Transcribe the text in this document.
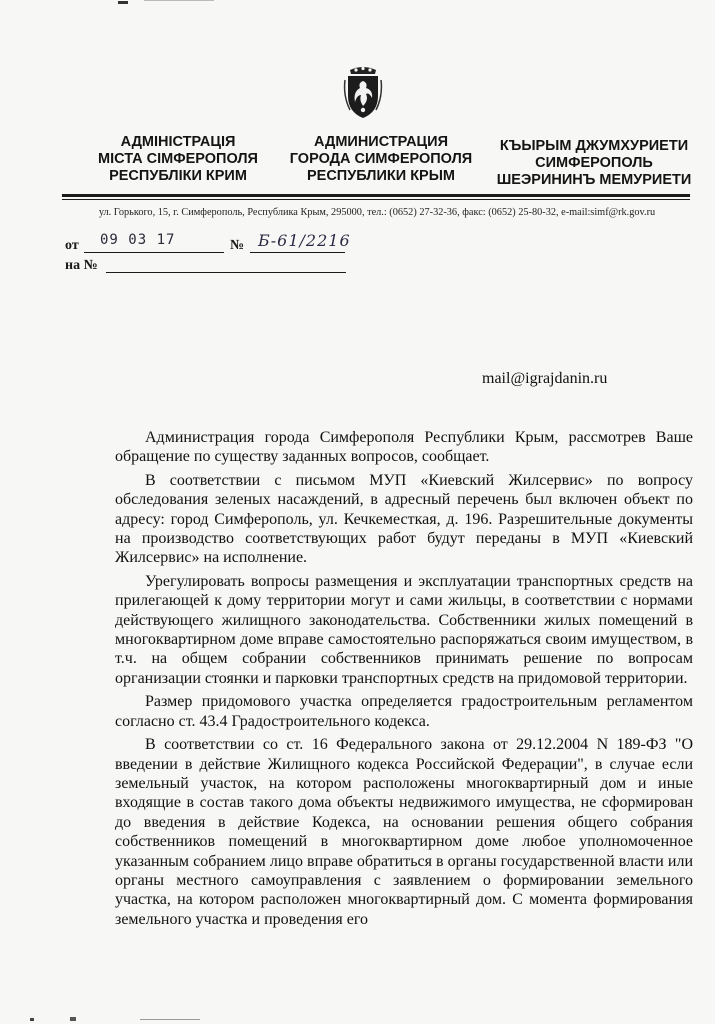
АДМІНІСТРАЦІЯ
МІСТА СІМФЕРОПОЛЯ
РЕСПУБЛІКИ КРИМ
АДМИНИСТРАЦИЯ
ГОРОДА СИМФЕРОПОЛЯ
РЕСПУБЛИКИ КРЫМ
КЪЫРЫМ ДЖУМХУРИЕТИ
СИМФЕРОПОЛЬ
ШЕЭРИНИНЪ МЕМУРИЕТИ
ул. Горького, 15, г. Симферополь, Республика Крым, 295000, тел.: (0652) 27-32-36, факс: (0652) 25-80-32, e-mail:simf@rk.gov.ru
от 09 03 17	№ Б-61/2216
на №
mail@igrajdanin.ru

Администрация города Симферополя Республики Крым, рассмотрев Ваше обращение по существу заданных вопросов, сообщает.

В соответствии с письмом МУП «Киевский Жилсервис» по вопросу обследования зеленых насаждений, в адресный перечень был включен объект по адресу: город Симферополь, ул. Кечкеместкая, д. 196. Разрешительные документы на производство соответствующих работ будут переданы в МУП «Киевский Жилсервис» на исполнение.

Урегулировать вопросы размещения и эксплуатации транспортных средств на прилегающей к дому территории могут и сами жильцы, в соответствии с нормами действующего жилищного законодательства. Собственники жилых помещений в многоквартирном доме вправе самостоятельно распоряжаться своим имуществом, в т.ч. на общем собрании собственников принимать решение по вопросам организации стоянки и парковки транспортных средств на придомовой территории.

Размер придомового участка определяется градостроительным регламентом согласно ст. 43.4 Градостроительного кодекса.

В соответствии со ст. 16 Федерального закона от 29.12.2004 N 189-ФЗ "О введении в действие Жилищного кодекса Российской Федерации", в случае если земельный участок, на котором расположены многоквартирный дом и иные входящие в состав такого дома объекты недвижимого имущества, не сформирован до введения в действие Кодекса, на основании решения общего собрания собственников помещений в многоквартирном доме любое уполномоченное указанным собранием лицо вправе обратиться в органы государственной власти или органы местного самоуправления с заявлением о формировании земельного участка, на котором расположен многоквартирный дом. С момента формирования земельного участка и проведения его
